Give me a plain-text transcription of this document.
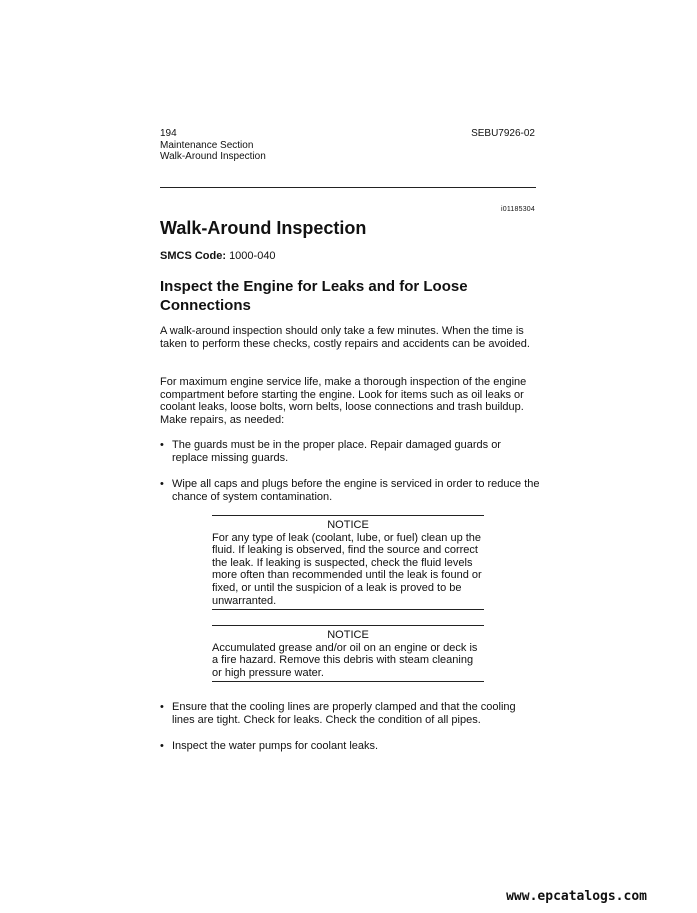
194
Maintenance Section
Walk-Around Inspection
SEBU7926-02
i01185304
Walk-Around Inspection
SMCS Code: 1000-040
Inspect the Engine for Leaks and for Loose Connections

A walk-around inspection should only take a few minutes. When the time is taken to perform these checks, costly repairs and accidents can be avoided.

For maximum engine service life, make a thorough inspection of the engine compartment before starting the engine. Look for items such as oil leaks or coolant leaks, loose bolts, worn belts, loose connections and trash buildup. Make repairs, as needed:

• The guards must be in the proper place. Repair damaged guards or replace missing guards.
• Wipe all caps and plugs before the engine is serviced in order to reduce the chance of system contamination.
NOTICE
For any type of leak (coolant, lube, or fuel) clean up the fluid. If leaking is observed, find the source and correct the leak. If leaking is suspected, check the fluid levels more often than recommended until the leak is found or fixed, or until the suspicion of a leak is proved to be unwarranted.
NOTICE
Accumulated grease and/or oil on an engine or deck is a fire hazard. Remove this debris with steam cleaning or high pressure water.
• Ensure that the cooling lines are properly clamped and that the cooling lines are tight. Check for leaks. Check the condition of all pipes.
• Inspect the water pumps for coolant leaks.
www.epcatalogs.com
